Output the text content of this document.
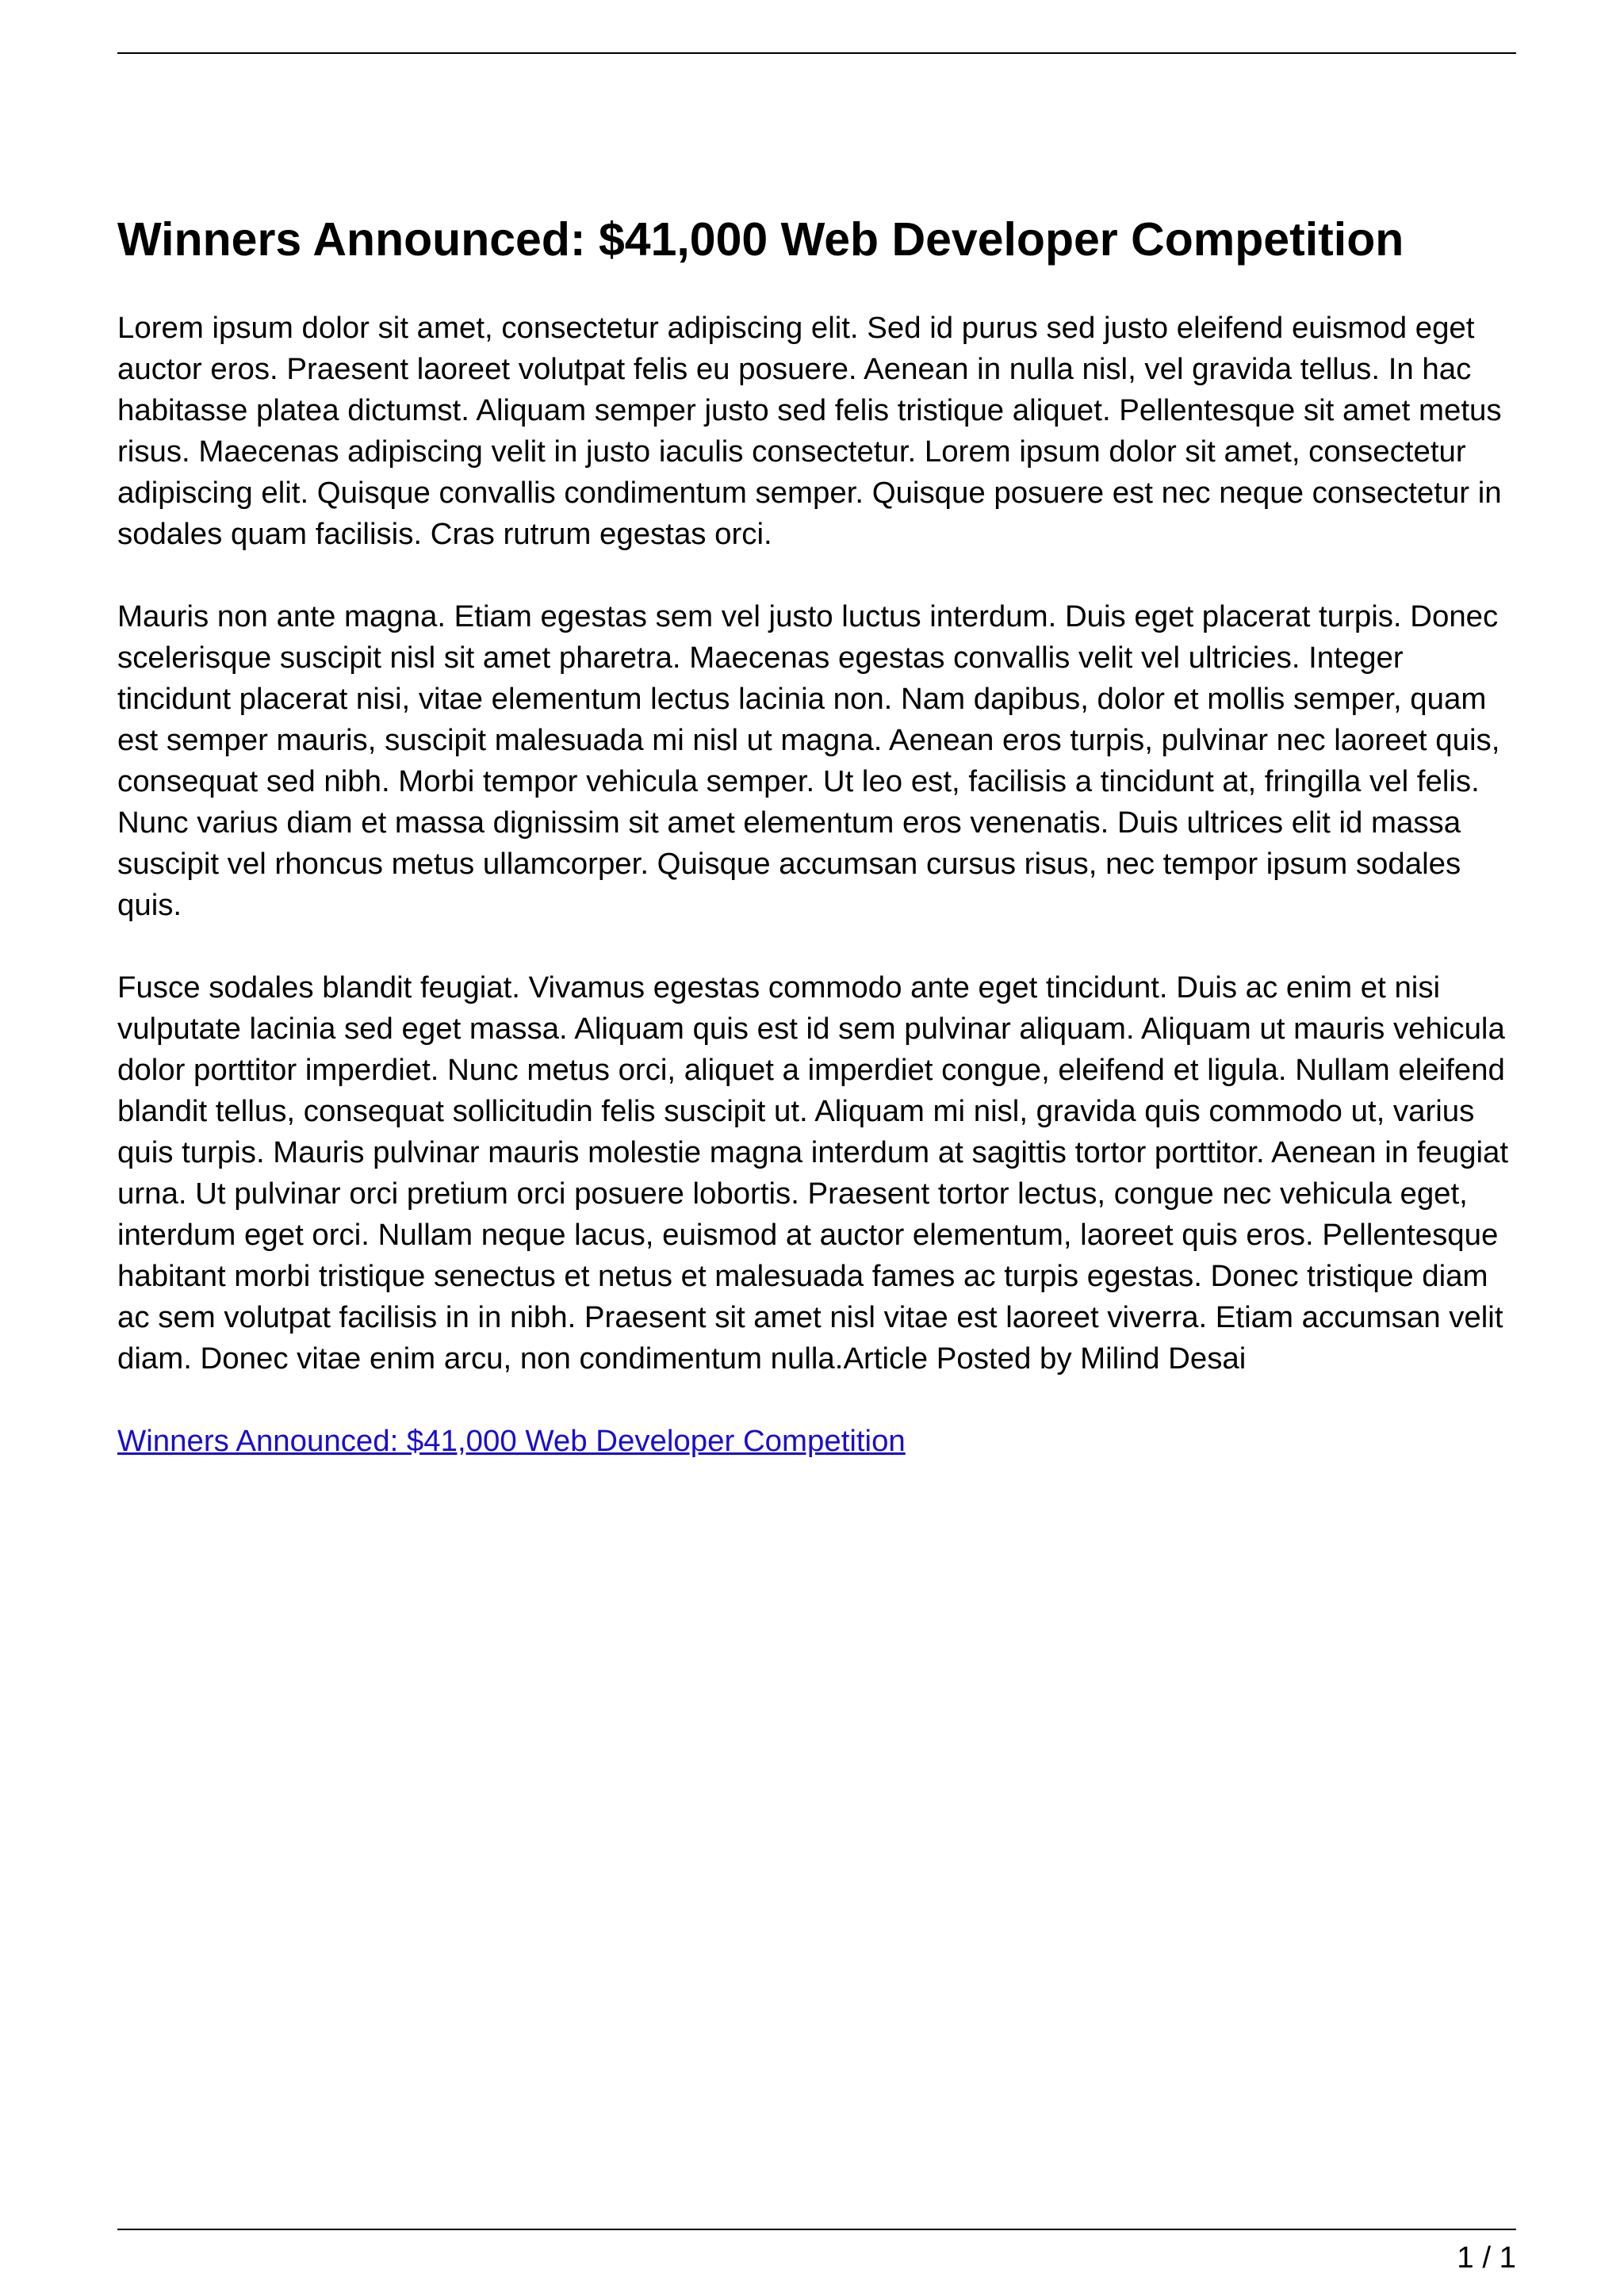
Winners Announced: $41,000 Web Developer Competition

Lorem ipsum dolor sit amet, consectetur adipiscing elit. Sed id purus sed justo eleifend euismod eget auctor eros. Praesent laoreet volutpat felis eu posuere. Aenean in nulla nisl, vel gravida tellus. In hac habitasse platea dictumst. Aliquam semper justo sed felis tristique aliquet. Pellentesque sit amet metus risus. Maecenas adipiscing velit in justo iaculis consectetur. Lorem ipsum dolor sit amet, consectetur adipiscing elit. Quisque convallis condimentum semper. Quisque posuere est nec neque consectetur in sodales quam facilisis. Cras rutrum egestas orci.

Mauris non ante magna. Etiam egestas sem vel justo luctus interdum. Duis eget placerat turpis. Donec scelerisque suscipit nisl sit amet pharetra. Maecenas egestas convallis velit vel ultricies. Integer tincidunt placerat nisi, vitae elementum lectus lacinia non. Nam dapibus, dolor et mollis semper, quam est semper mauris, suscipit malesuada mi nisl ut magna. Aenean eros turpis, pulvinar nec laoreet quis, consequat sed nibh. Morbi tempor vehicula semper. Ut leo est, facilisis a tincidunt at, fringilla vel felis. Nunc varius diam et massa dignissim sit amet elementum eros venenatis. Duis ultrices elit id massa suscipit vel rhoncus metus ullamcorper. Quisque accumsan cursus risus, nec tempor ipsum sodales quis.

Fusce sodales blandit feugiat. Vivamus egestas commodo ante eget tincidunt. Duis ac enim et nisi vulputate lacinia sed eget massa. Aliquam quis est id sem pulvinar aliquam. Aliquam ut mauris vehicula dolor porttitor imperdiet. Nunc metus orci, aliquet a imperdiet congue, eleifend et ligula. Nullam eleifend blandit tellus, consequat sollicitudin felis suscipit ut. Aliquam mi nisl, gravida quis commodo ut, varius quis turpis. Mauris pulvinar mauris molestie magna interdum at sagittis tortor porttitor. Aenean in feugiat urna. Ut pulvinar orci pretium orci posuere lobortis. Praesent tortor lectus, congue nec vehicula eget, interdum eget orci. Nullam neque lacus, euismod at auctor elementum, laoreet quis eros. Pellentesque habitant morbi tristique senectus et netus et malesuada fames ac turpis egestas. Donec tristique diam ac sem volutpat facilisis in in nibh. Praesent sit amet nisl vitae est laoreet viverra. Etiam accumsan velit diam. Donec vitae enim arcu, non condimentum nulla.Article Posted by Milind Desai

Winners Announced: $41,000 Web Developer Competition

1 / 1
